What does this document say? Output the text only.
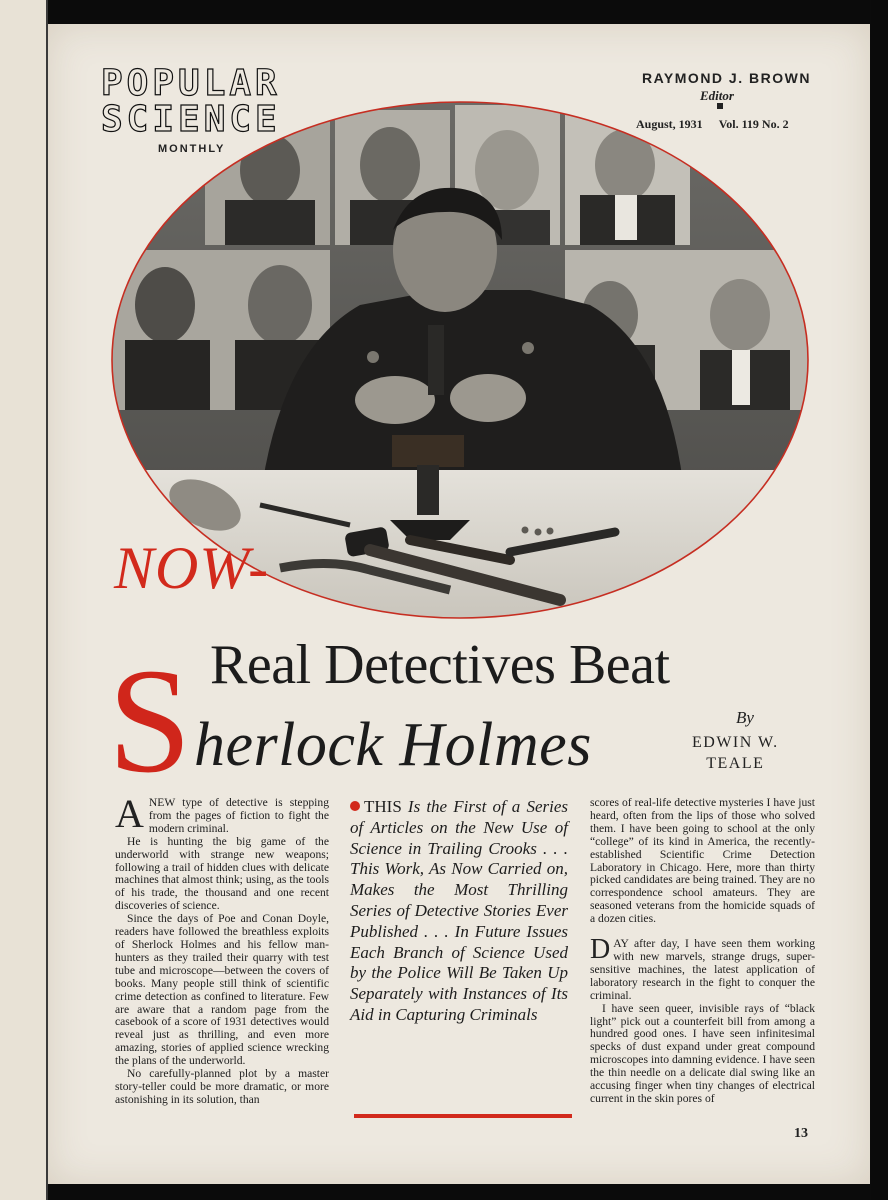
POPULAR
SCIENCE
MONTHLY
RAYMOND J. BROWN
Editor
August, 1931 Vol. 119 No. 2
NOW-
Real Detectives Beat
S herlock Holmes	By
EDWIN W.
TEALE

ANEW type of detective is stepping from the pages of fiction to fight the modern criminal.

He is hunting the big game of the underworld with strange new weapons; following a trail of hidden clues with delicate machines that almost think; using, as the tools of his trade, the thousand and one recent discoveries of science.

Since the days of Poe and Conan Doyle, readers have followed the breathless exploits of Sherlock Holmes and his fellow man-hunters as they trailed their quarry with test tube and microscope—between the covers of books. Many people still think of scientific crime detection as confined to literature. Few are aware that a random page from the casebook of a score of 1931 detectives would reveal just as thrilling, and even more amazing, stories of applied science wrecking the plans of the underworld.

No carefully-planned plot by a master story-teller could be more dramatic, or more astonishing in its solution, than

THIS Is the First of a Series of Articles on the New Use of Science in Trailing Crooks . . . This Work, As Now Carried on, Makes the Most Thrilling Series of Detective Stories Ever Published . . . In Future Issues Each Branch of Science Used by the Police Will Be Taken Up Separately with Instances of Its Aid in Capturing Criminals

scores of real-life detective mysteries I have just heard, often from the lips of those who solved them. I have been going to school at the only “college” of its kind in America, the recently-established Scientific Crime Detection Laboratory in Chicago. Here, more than thirty picked candidates are being trained. They are no correspondence school amateurs. They are seasoned veterans from the homicide squads of a dozen cities.

DAY after day, I have seen them working with new marvels, strange drugs, super-sensitive machines, the latest application of laboratory research in the fight to conquer the criminal.

I have seen queer, invisible rays of “black light” pick out a counterfeit bill from among a hundred good ones. I have seen infinitesimal specks of dust expand under great compound microscopes into damning evidence. I have seen the thin needle on a delicate dial swing like an accusing finger when tiny changes of electrical current in the skin pores of

13
